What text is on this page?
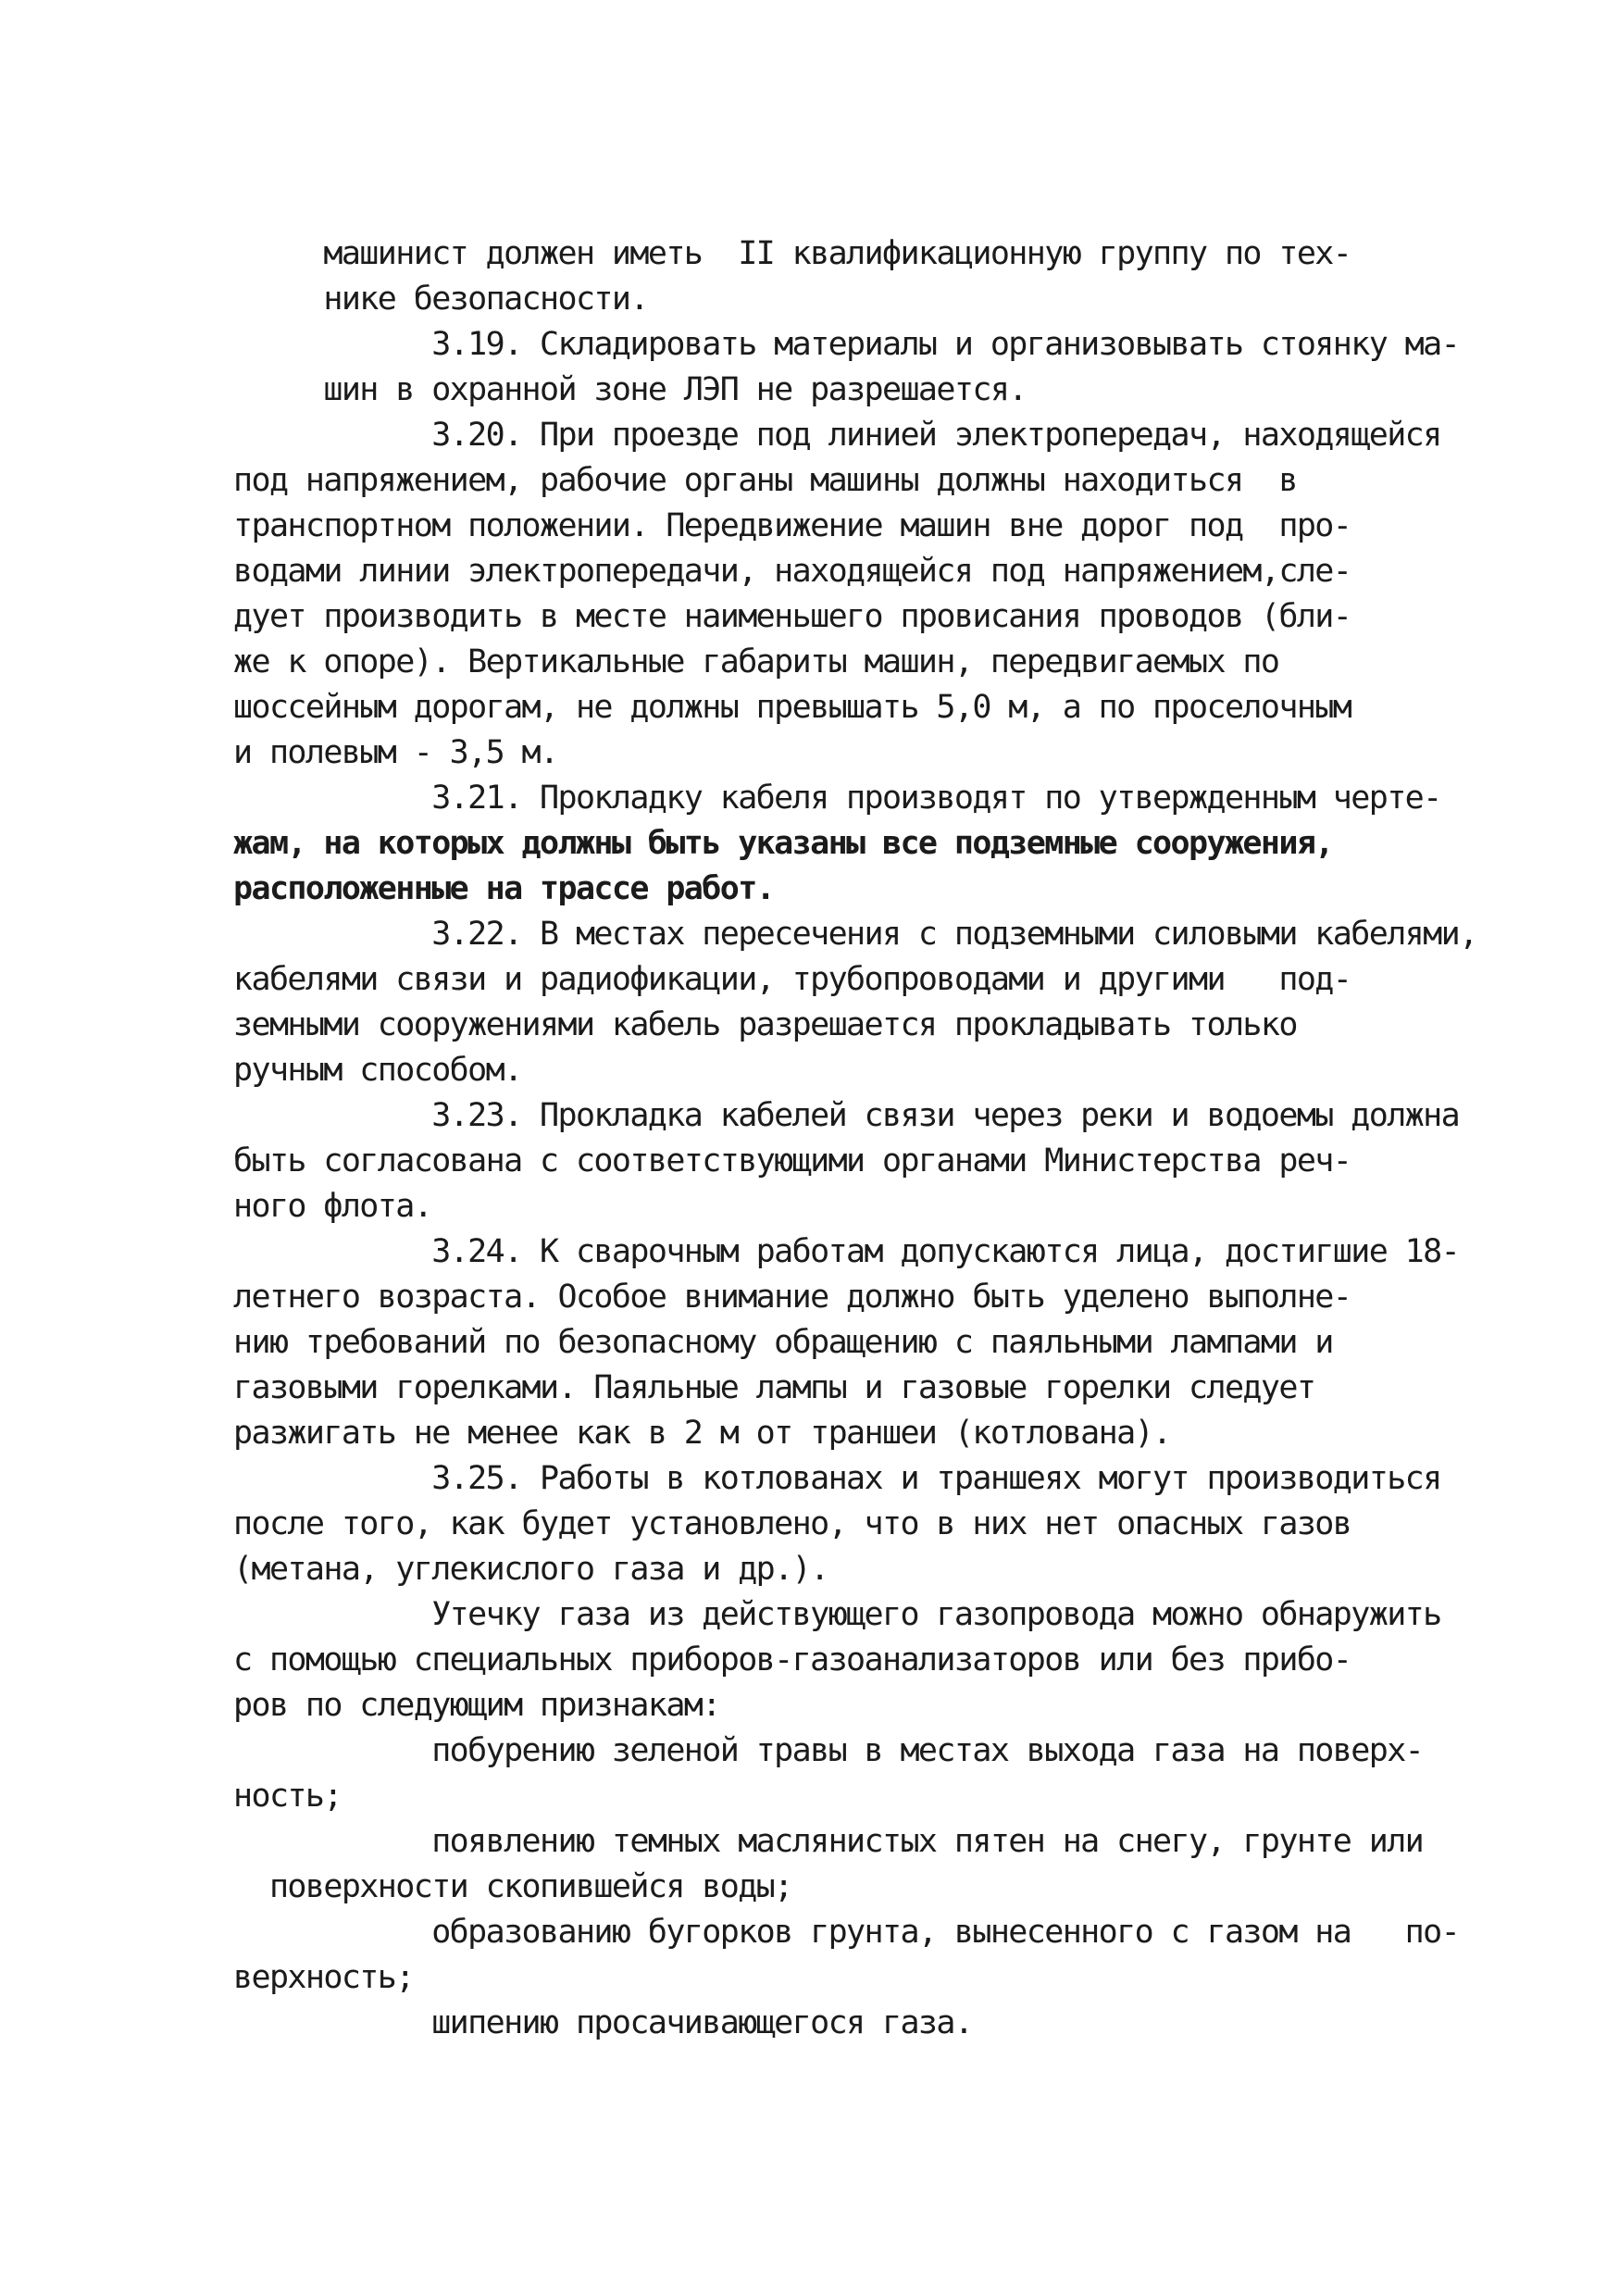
машинист должен иметь  II квалификационную группу по тех-
нике безопасности.
3.19. Складировать материалы и организовывать стоянку ма-
шин в охранной зоне ЛЭП не разрешается.
3.20. При проезде под линией электропередач, находящейся
под напряжением, рабочие органы машины должны находиться  в
транспортном положении. Передвижение машин вне дорог под  про-
водами линии электропередачи, находящейся под напряжением,сле-
дует производить в месте наименьшего провисания проводов (бли-
же к опоре). Вертикальные габариты машин, передвигаемых по
шоссейным дорогам, не должны превышать 5,0 м, а по проселочным
и полевым - 3,5 м.
3.21. Прокладку кабеля производят по утвержденным черте-
жам, на которых должны быть указаны все подземные сооружения,
расположенные на трассе работ.
3.22. В местах пересечения с подземными силовыми кабелями,
кабелями связи и радиофикации, трубопроводами и другими   под-
земными сооружениями кабель разрешается прокладывать только
ручным способом.
3.23. Прокладка кабелей связи через реки и водоемы должна
быть согласована с соответствующими органами Министерства реч-
ного флота.
3.24. К сварочным работам допускаются лица, достигшие 18-
летнего возраста. Особое внимание должно быть уделено выполне-
нию требований по безопасному обращению с паяльными лампами и
газовыми горелками. Паяльные лампы и газовые горелки следует
разжигать не менее как в 2 м от траншеи (котлована).
3.25. Работы в котлованах и траншеях могут производиться
после того, как будет установлено, что в них нет опасных газов
(метана, углекислого газа и др.).
Утечку газа из действующего газопровода можно обнаружить
с помощью специальных приборов-газоанализаторов или без прибо-
ров по следующим признакам:
побурению зеленой травы в местах выхода газа на поверх-
ность;
появлению темных маслянистых пятен на снегу, грунте или
поверхности скопившейся воды;
образованию бугорков грунта, вынесенного с газом на   по-
верхность;
шипению просачивающегося газа.
